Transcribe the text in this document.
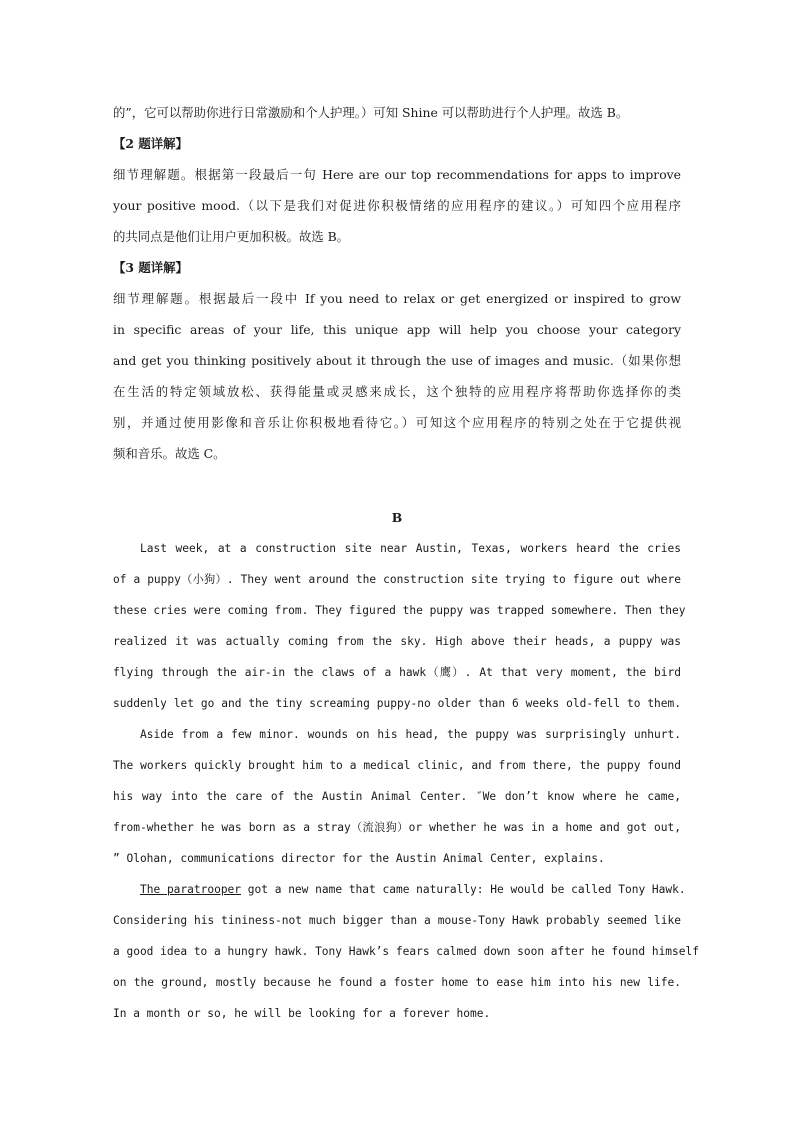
的”，它可以帮助你进行日常激励和个人护理。）可知 Shine 可以帮助进行个人护理。故选 B。
【2 题详解】
细节理解题。根据第一段最后一句 Here are our top recommendations for apps to improve
your positive mood.（以下是我们对促进你积极情绪的应用程序的建议。）可知四个应用程序
的共同点是他们让用户更加积极。故选 B。
【3 题详解】
细节理解题。根据最后一段中 If you need to relax or get energized or inspired to grow
in specific areas of your life, this unique app will help you choose your category
and get you thinking positively about it through the use of images and music.（如果你想
在生活的特定领域放松、获得能量或灵感来成长，这个独特的应用程序将帮助你选择你的类
别，并通过使用影像和音乐让你积极地看待它。）可知这个应用程序的特别之处在于它提供视
频和音乐。故选 C。
B
Last week, at a construction site near Austin, Texas, workers heard the cries
of a puppy（小狗）. They went around the construction site trying to figure out where
these cries were coming from. They figured the puppy was trapped somewhere. Then they
realized it was actually coming from the sky. High above their heads, a puppy was
flying through the air-in the claws of a hawk（鹰）. At that very moment, the bird
suddenly let go and the tiny screaming puppy-no older than 6 weeks old-fell to them.
Aside from a few minor. wounds on his head, the puppy was surprisingly unhurt.
The workers quickly brought him to a medical clinic, and from there, the puppy found
his way into the care of the Austin Animal Center. ″We don’t know where he came,
from-whether he was born as a stray（流浪狗）or whether he was in a home and got out,
” Olohan, communications director for the Austin Animal Center, explains.
The paratrooper got a new name that came naturally: He would be called Tony Hawk.
Considering his tininess-not much bigger than a mouse-Tony Hawk probably seemed like
a good idea to a hungry hawk. Tony Hawk’s fears calmed down soon after he found himself
on the ground, mostly because he found a foster home to ease him into his new life.
In a month or so, he will be looking for a forever home.
